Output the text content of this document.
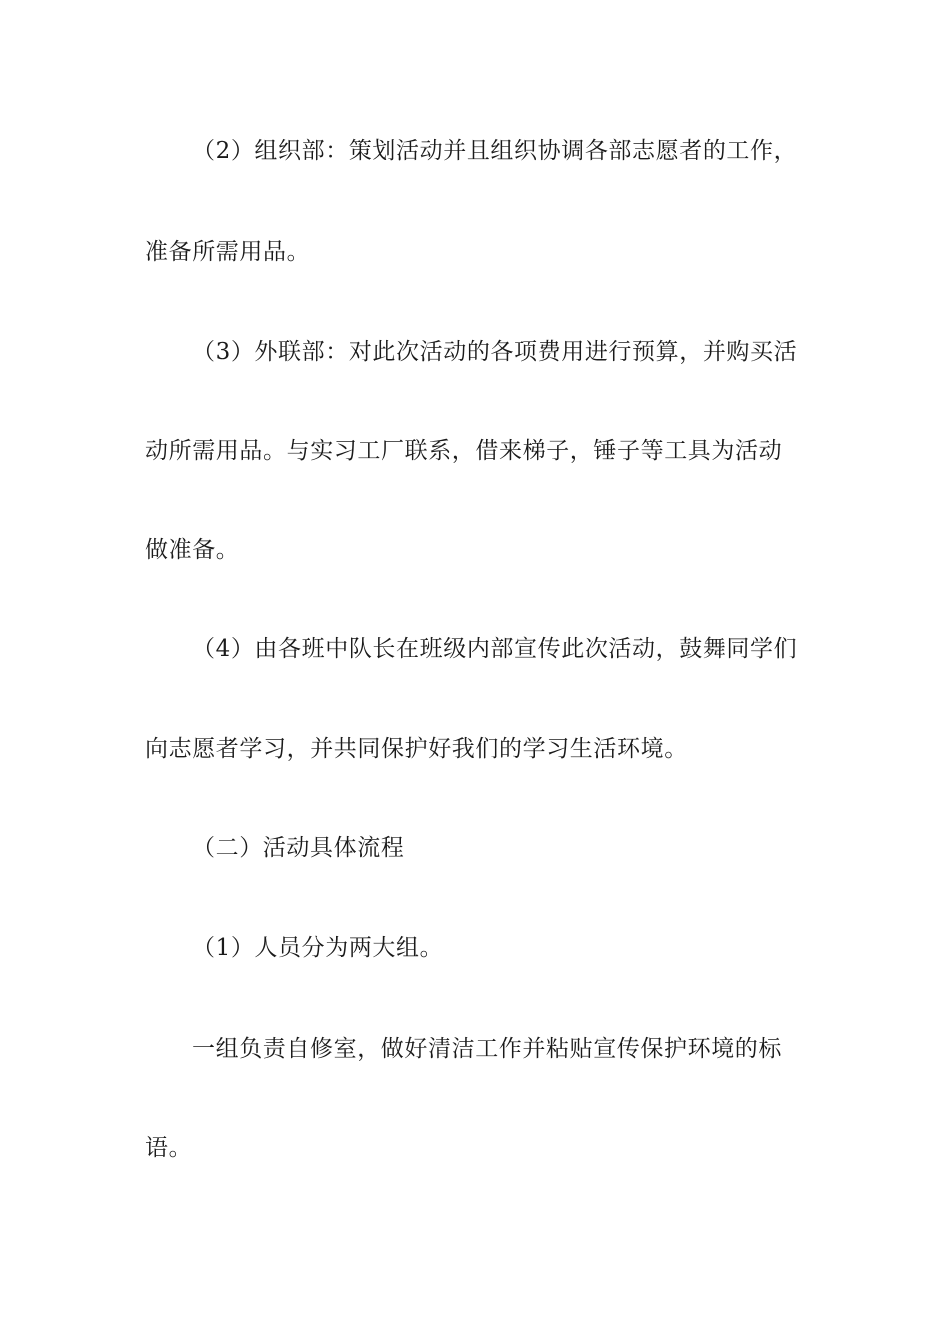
（2）组织部：策划活动并且组织协调各部志愿者的工作，

准备所需用品。

（3）外联部：对此次活动的各项费用进行预算，并购买活

动所需用品。与实习工厂联系，借来梯子，锤子等工具为活动

做准备。

（4）由各班中队长在班级内部宣传此次活动，鼓舞同学们

向志愿者学习，并共同保护好我们的学习生活环境。

（二）活动具体流程

（1）人员分为两大组。

一组负责自修室，做好清洁工作并粘贴宣传保护环境的标

语。
